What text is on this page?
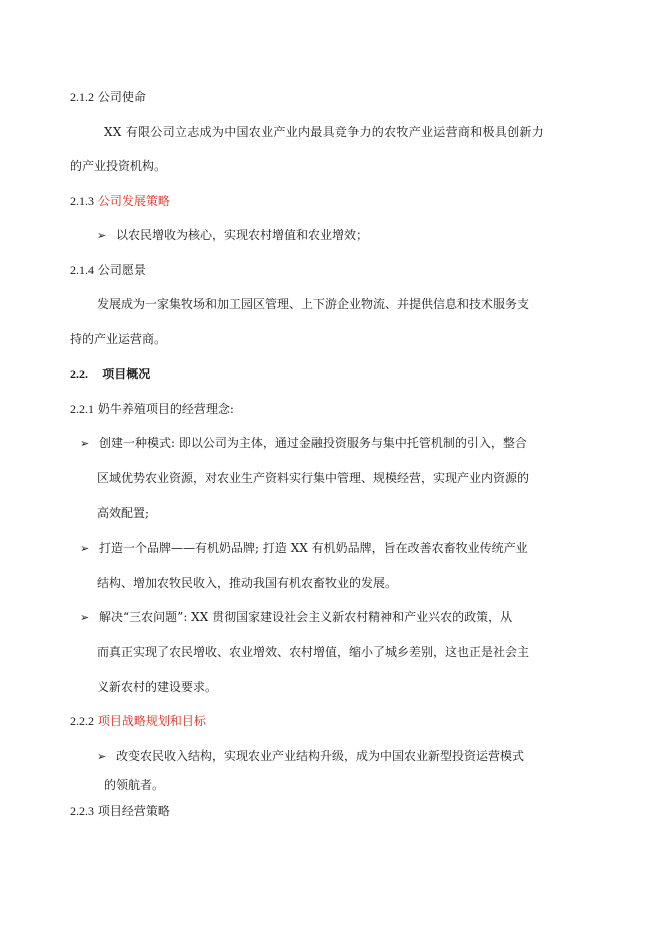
2.1.2 公司使命
XX 有限公司立志成为中国农业产业内最具竞争力的农牧产业运营商和极具创新力
的产业投资机构。
2.1.3 公司发展策略
➢ 以农民增收为核心，实现农村增值和农业增效；
2.1.4 公司愿景
发展成为一家集牧场和加工园区管理、上下游企业物流、并提供信息和技术服务支
持的产业运营商。
2.2. 项目概况
2.2.1 奶牛养殖项目的经营理念:
➢ 创建一种模式: 即以公司为主体，通过金融投资服务与集中托管机制的引入，整合
区域优势农业资源，对农业生产资料实行集中管理、规模经营，实现产业内资源的
高效配置;
➢ 打造一个品牌——有机奶品牌; 打造 XX 有机奶品牌，旨在改善农畜牧业传统产业
结构、增加农牧民收入，推动我国有机农畜牧业的发展。
➢ 解决“三农问题”: XX 贯彻国家建设社会主义新农村精神和产业兴农的政策，从
而真正实现了农民增收、农业增效、农村增值，缩小了城乡差别，这也正是社会主
义新农村的建设要求。
2.2.2 项目战略规划和目标
➢ 改变农民收入结构，实现农业产业结构升级，成为中国农业新型投资运营模式
的领航者。
2.2.3 项目经营策略
